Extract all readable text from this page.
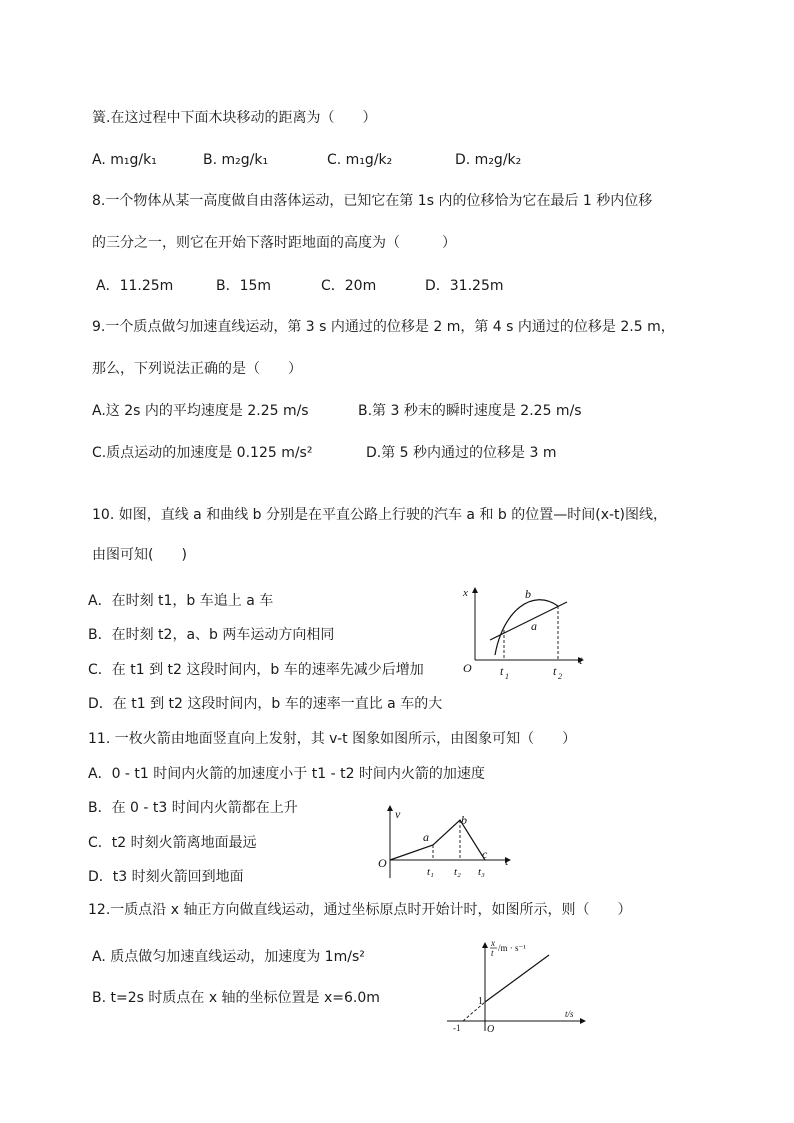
簧.在这过程中下面木块移动的距离为（　　）
A. m₁g/k₁	B. m₂g/k₁	C. m₁g/k₂	D. m₂g/k₂
8.一个物体从某一高度做自由落体运动，已知它在第 1s 内的位移恰为它在最后 1 秒内位移
的三分之一，则它在开始下落时距地面的高度为（　　　）
A．11.25m	B．15m	C．20m	D．31.25m
9.一个质点做匀加速直线运动，第 3 s 内通过的位移是 2 m，第 4 s 内通过的位移是 2.5 m，
那么，下列说法正确的是（　　）
A.这 2s 内的平均速度是 2.25 m/s	B.第 3 秒末的瞬时速度是 2.25 m/s
C.质点运动的加速度是 0.125 m/s²	D.第 5 秒内通过的位移是 3 m
10. 如图，直线 a 和曲线 b 分别是在平直公路上行驶的汽车 a 和 b 的位置—时间(x-t)图线，
由图可知(　　)
A．在时刻 t1，b 车追上 a 车
B．在时刻 t2，a、b 两车运动方向相同
C．在 t1 到 t2 这段时间内，b 车的速率先减少后增加
D．在 t1 到 t2 这段时间内，b 车的速率一直比 a 车的大
x
t
O
b
a
t 1	t 2
11. 一枚火箭由地面竖直向上发射，其 v-t 图象如图所示，由图象可知（　　）
A．0 - t1 时间内火箭的加速度小于 t1 - t2 时间内火箭的加速度
B．在 0 - t3 时间内火箭都在上升
C．t2 时刻火箭离地面最远
D．t3 时刻火箭回到地面
v
t
O
a
b
c
t₁ t₂ t₃
12.一质点沿 x 轴正方向做直线运动，通过坐标原点时开始计时，如图所示，则（　　）
A. 质点做匀加速直线运动，加速度为 1m/s²
B. t=2s 时质点在 x 轴的坐标位置是 x=6.0m
x
t /m · s⁻¹
t/s
1
-1	O
